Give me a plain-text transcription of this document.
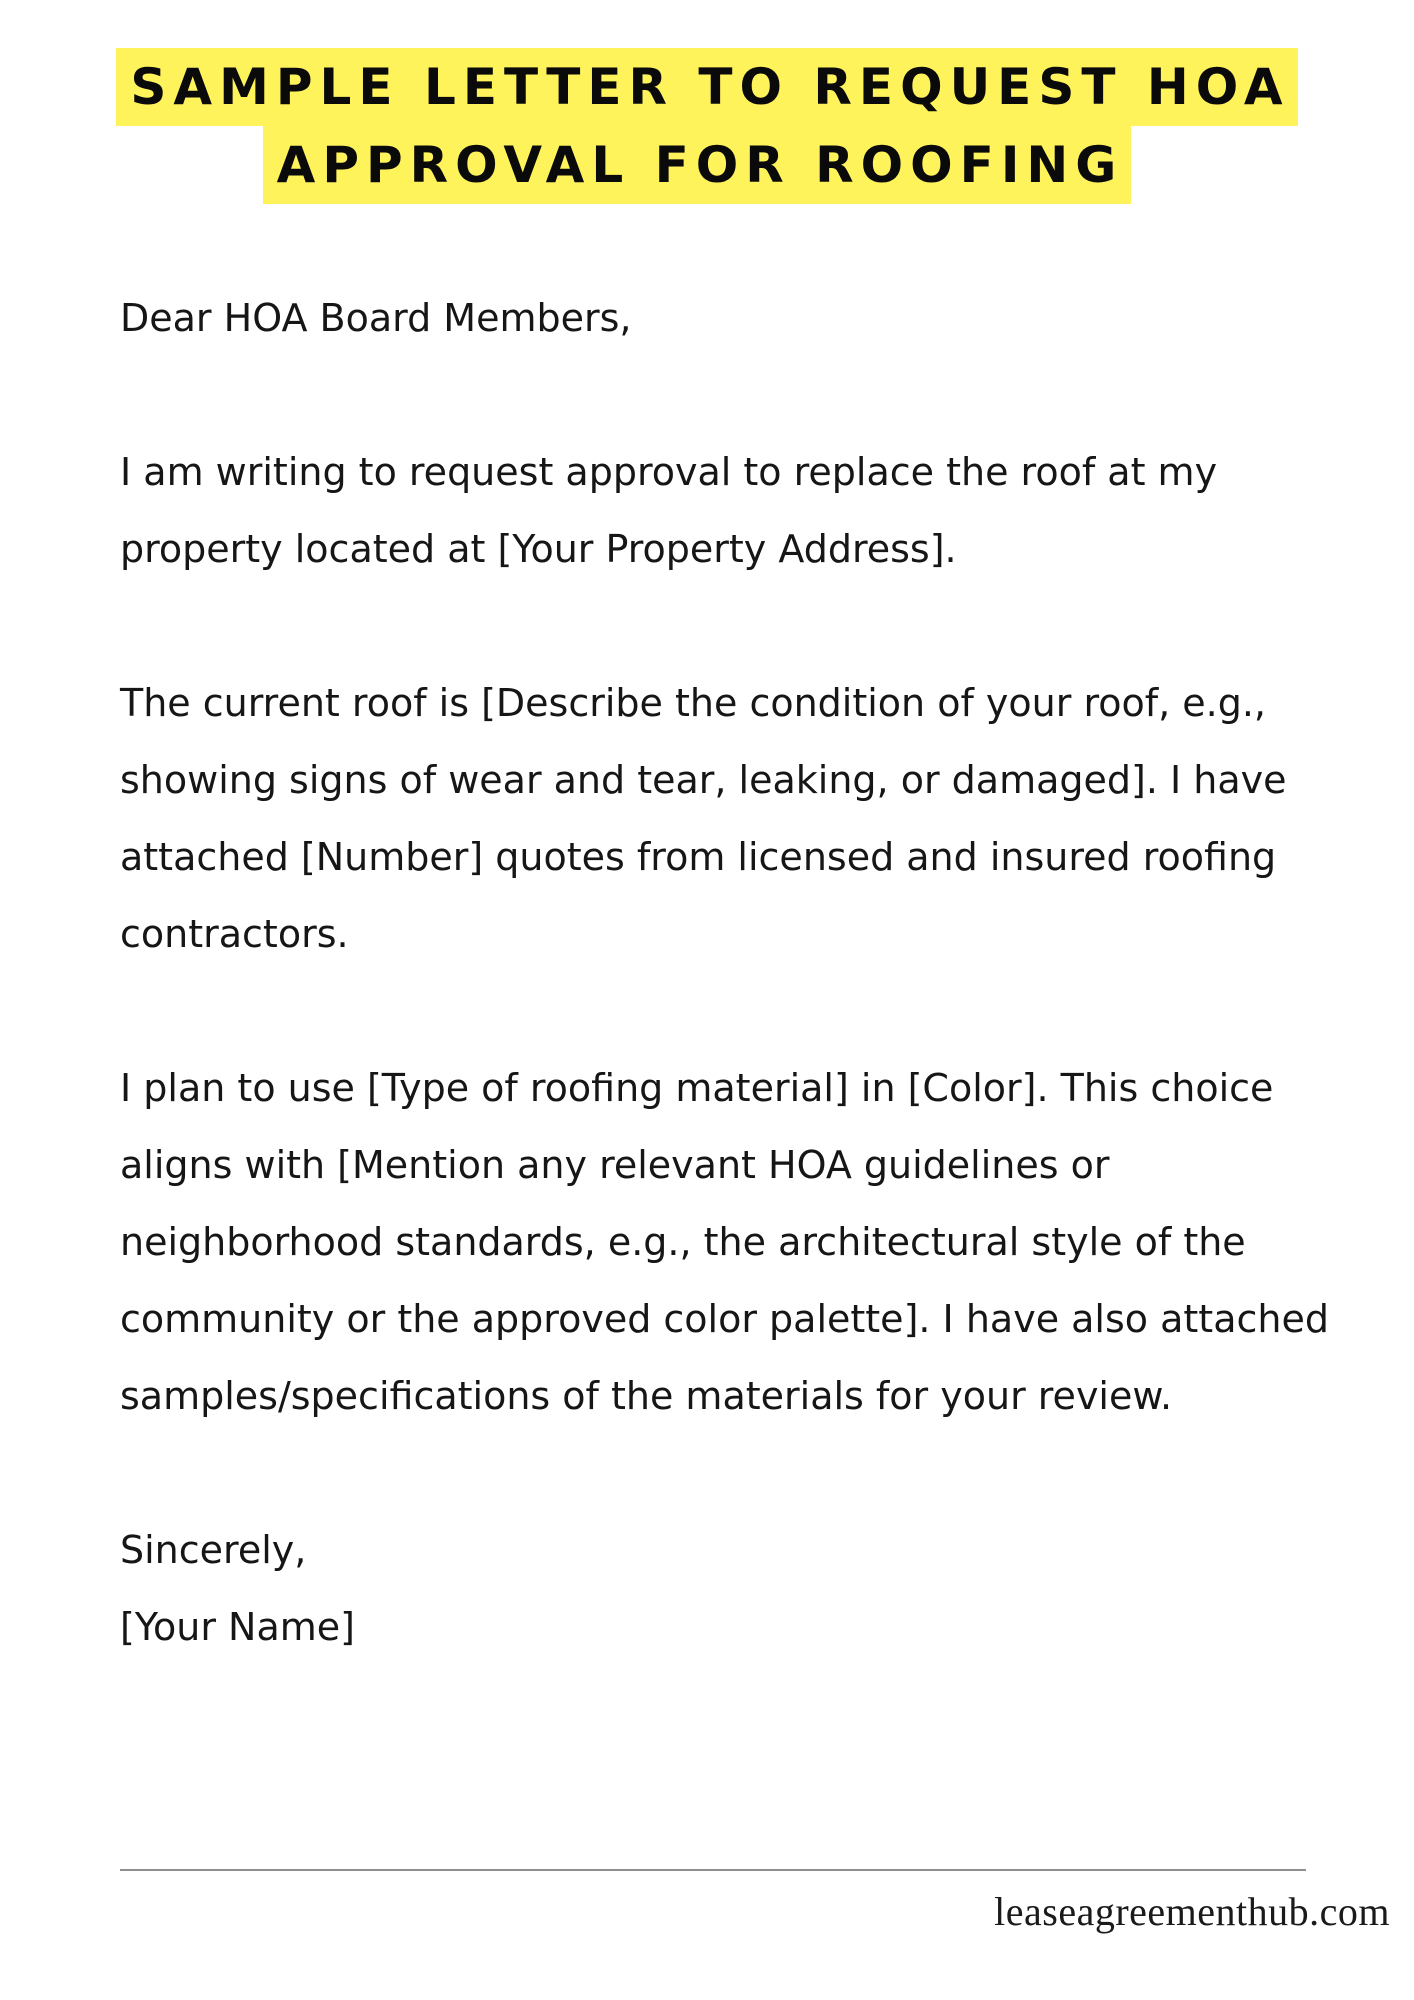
SAMPLE LETTER TO REQUEST HOA
APPROVAL FOR ROOFING

Dear HOA Board Members,

I am writing to request approval to replace the roof at my property located at [Your Property Address].

The current roof is [Describe the condition of your roof, e.g., showing signs of wear and tear, leaking, or damaged]. I have attached [Number] quotes from licensed and insured roofing contractors.

I plan to use [Type of roofing material] in [Color]. This choice aligns with [Mention any relevant HOA guidelines or neighborhood standards, e.g., the architectural style of the community or the approved color palette]. I have also attached samples/specifications of the materials for your review.

Sincerely,

[Your Name]

leaseagreementhub.com
